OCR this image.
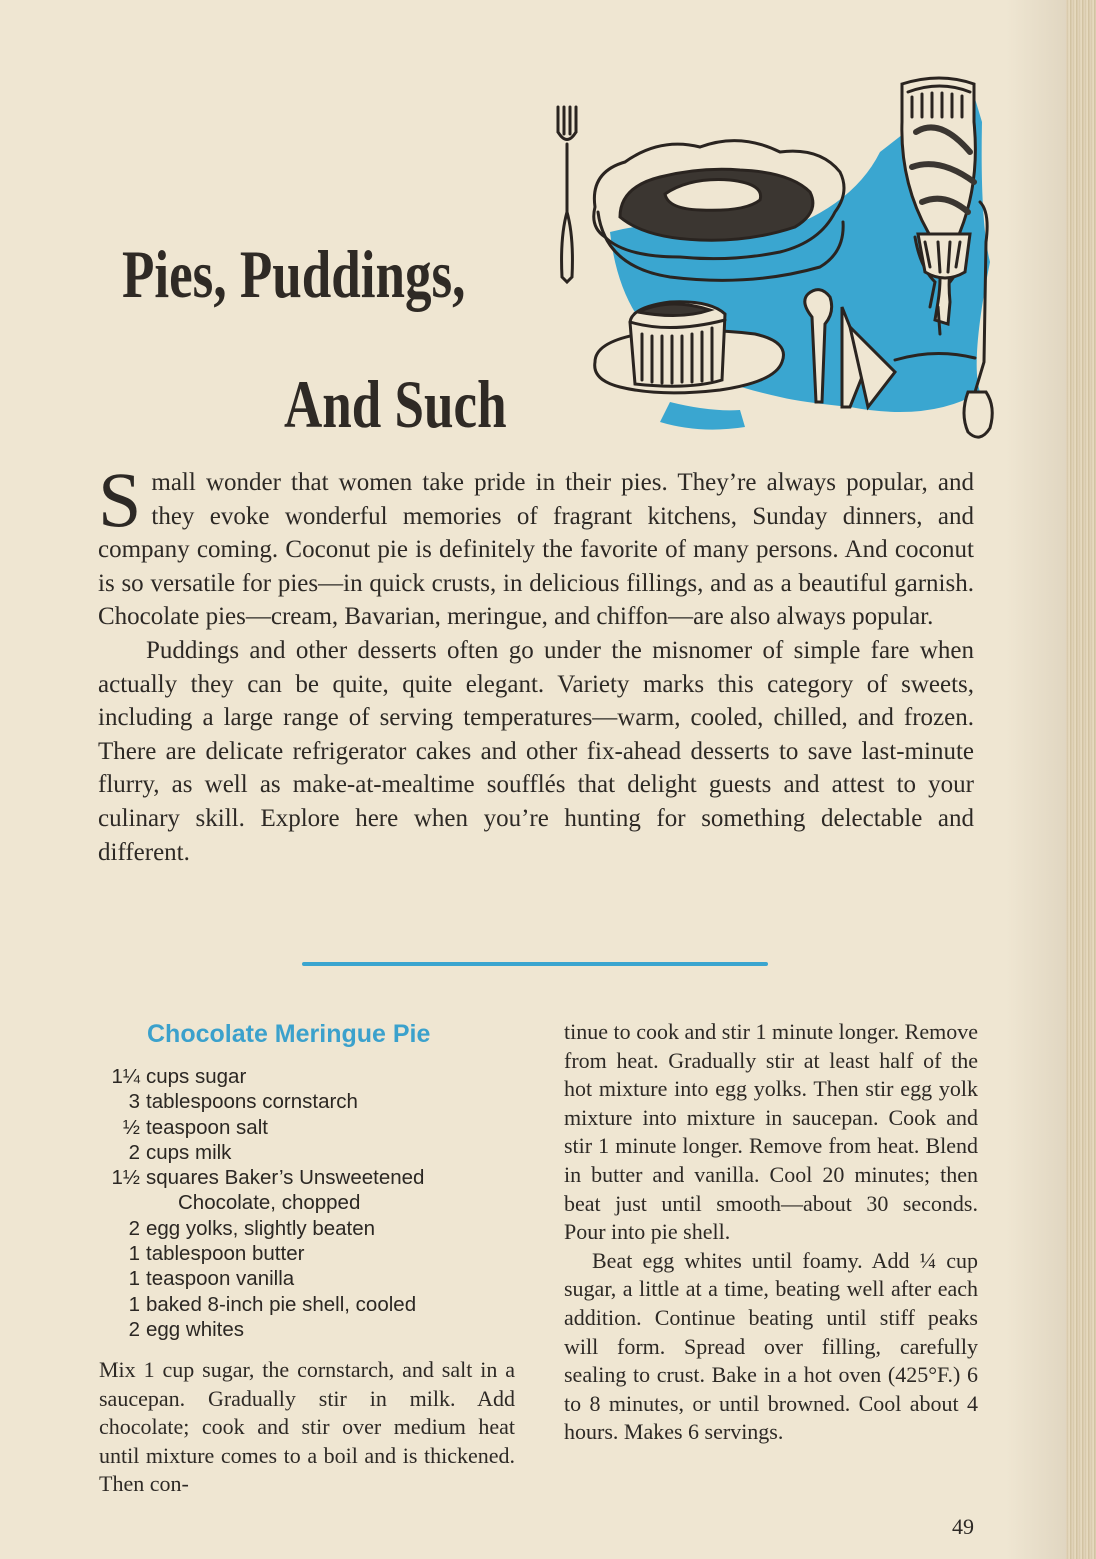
Pies, Puddings,
And Such

Small wonder that women take pride in their pies. They’re always popular, and they evoke wonderful memories of fragrant kitchens, Sunday dinners, and company coming. Coconut pie is definitely the favorite of many persons. And coconut is so versatile for pies—in quick crusts, in delicious fillings, and as a beautiful garnish. Chocolate pies—cream, Bavarian, meringue, and chiffon—are also always popular.

Puddings and other desserts often go under the misnomer of simple fare when actually they can be quite, quite elegant. Variety marks this category of sweets, including a large range of serving temperatures—warm, cooled, chilled, and frozen. There are delicate refrigerator cakes and other fix-ahead desserts to save last-minute flurry, as well as make-at-mealtime soufflés that delight guests and attest to your culinary skill. Explore here when you’re hunting for something delectable and different.

Chocolate Meringue Pie
1¼ cups sugar
3 tablespoons cornstarch
½ teaspoon salt
2 cups milk
1½ squares Baker’s Unsweetened
Chocolate, chopped
2 egg yolks, slightly beaten
1 tablespoon butter
1 teaspoon vanilla
1 baked 8-inch pie shell, cooled
2 egg whites

Mix 1 cup sugar, the cornstarch, and salt in a saucepan. Gradually stir in milk. Add chocolate; cook and stir over medium heat until mixture comes to a boil and is thickened. Then con-

tinue to cook and stir 1 minute longer. Remove from heat. Gradually stir at least half of the hot mixture into egg yolks. Then stir egg yolk mixture into mixture in saucepan. Cook and stir 1 minute longer. Remove from heat. Blend in butter and vanilla. Cool 20 minutes; then beat just until smooth—about 30 seconds. Pour into pie shell.

Beat egg whites until foamy. Add ¼ cup sugar, a little at a time, beating well after each addition. Continue beating until stiff peaks will form. Spread over filling, carefully sealing to crust. Bake in a hot oven (425°F.) 6 to 8 minutes, or until browned. Cool about 4 hours. Makes 6 servings.

49
